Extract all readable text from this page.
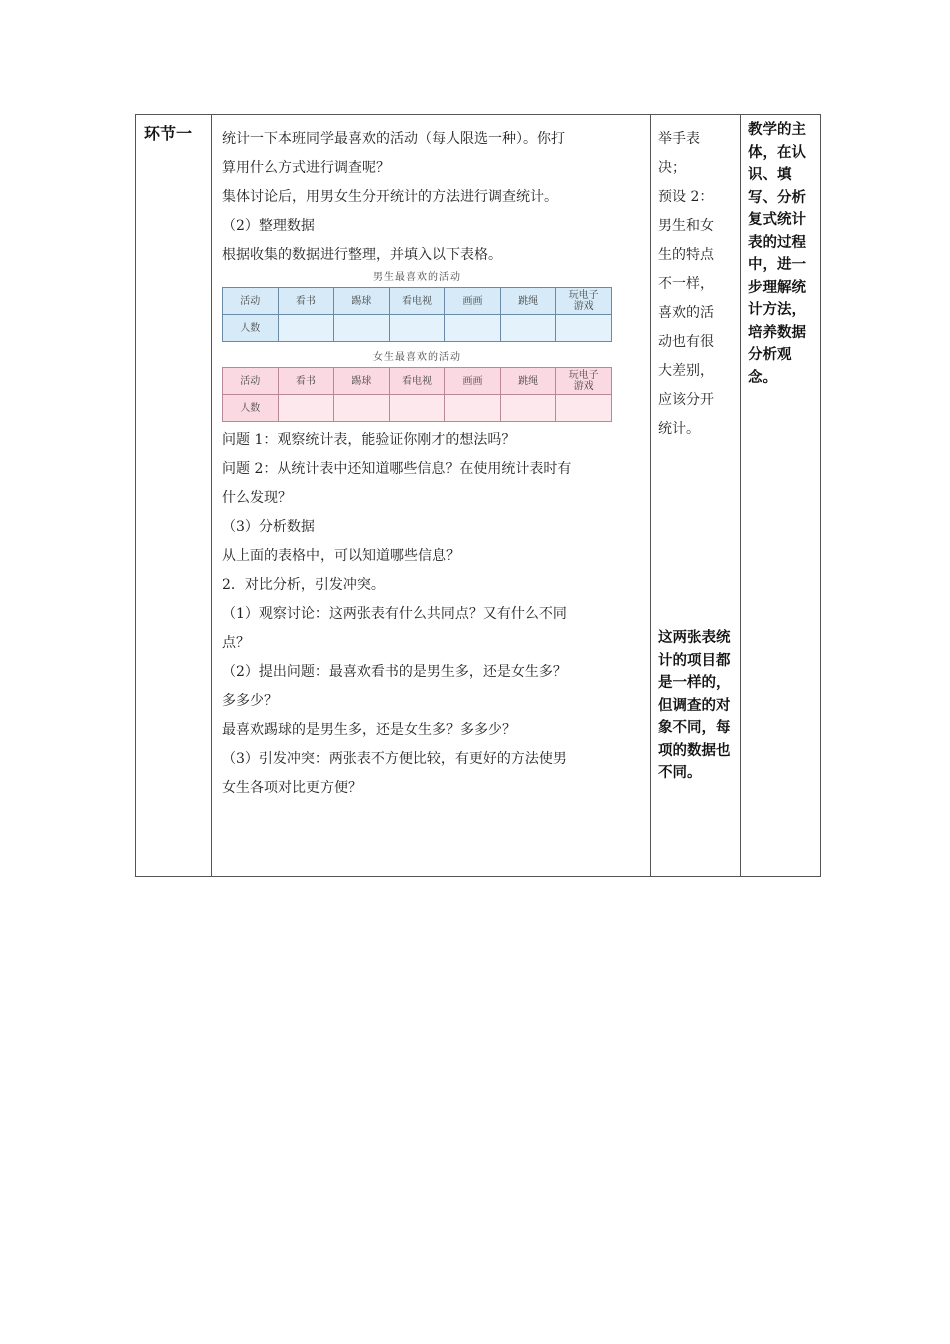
环节一 统计一下本班同学最喜欢的活动（每人限选一种）。你打

算用什么方式进行调查呢？

集体讨论后，用男女生分开统计的方法进行调查统计。

（2）整理数据

根据收集的数据进行整理，并填入以下表格。

男生最喜欢的活动
活动	看书	踢球	看电视	画画	跳绳	玩电子游戏
人数						
女生最喜欢的活动
活动	看书	踢球	看电视	画画	跳绳	玩电子游戏
人数						

问题 1：观察统计表，能验证你刚才的想法吗？

问题 2：从统计表中还知道哪些信息？在使用统计表时有

什么发现？

（3）分析数据

从上面的表格中，可以知道哪些信息？

2．对比分析，引发冲突。

（1）观察讨论：这两张表有什么共同点？又有什么不同

点？

（2）提出问题：最喜欢看书的是男生多，还是女生多？

多多少？

最喜欢踢球的是男生多，还是女生多？多多少？

（3）引发冲突：两张表不方便比较，有更好的方法使男

女生各项对比更方便？

举手表

决；

预设 2：

男生和女

生的特点

不一样，

喜欢的活

动也有很

大差别，

应该分开

统计。

这两张表统计的项目都是一样的，但调查的对象不同，每项的数据也不同。
教学的主体，在认识、填写、分析复式统计表的过程中，进一步理解统计方法，培养数据分析观念。
